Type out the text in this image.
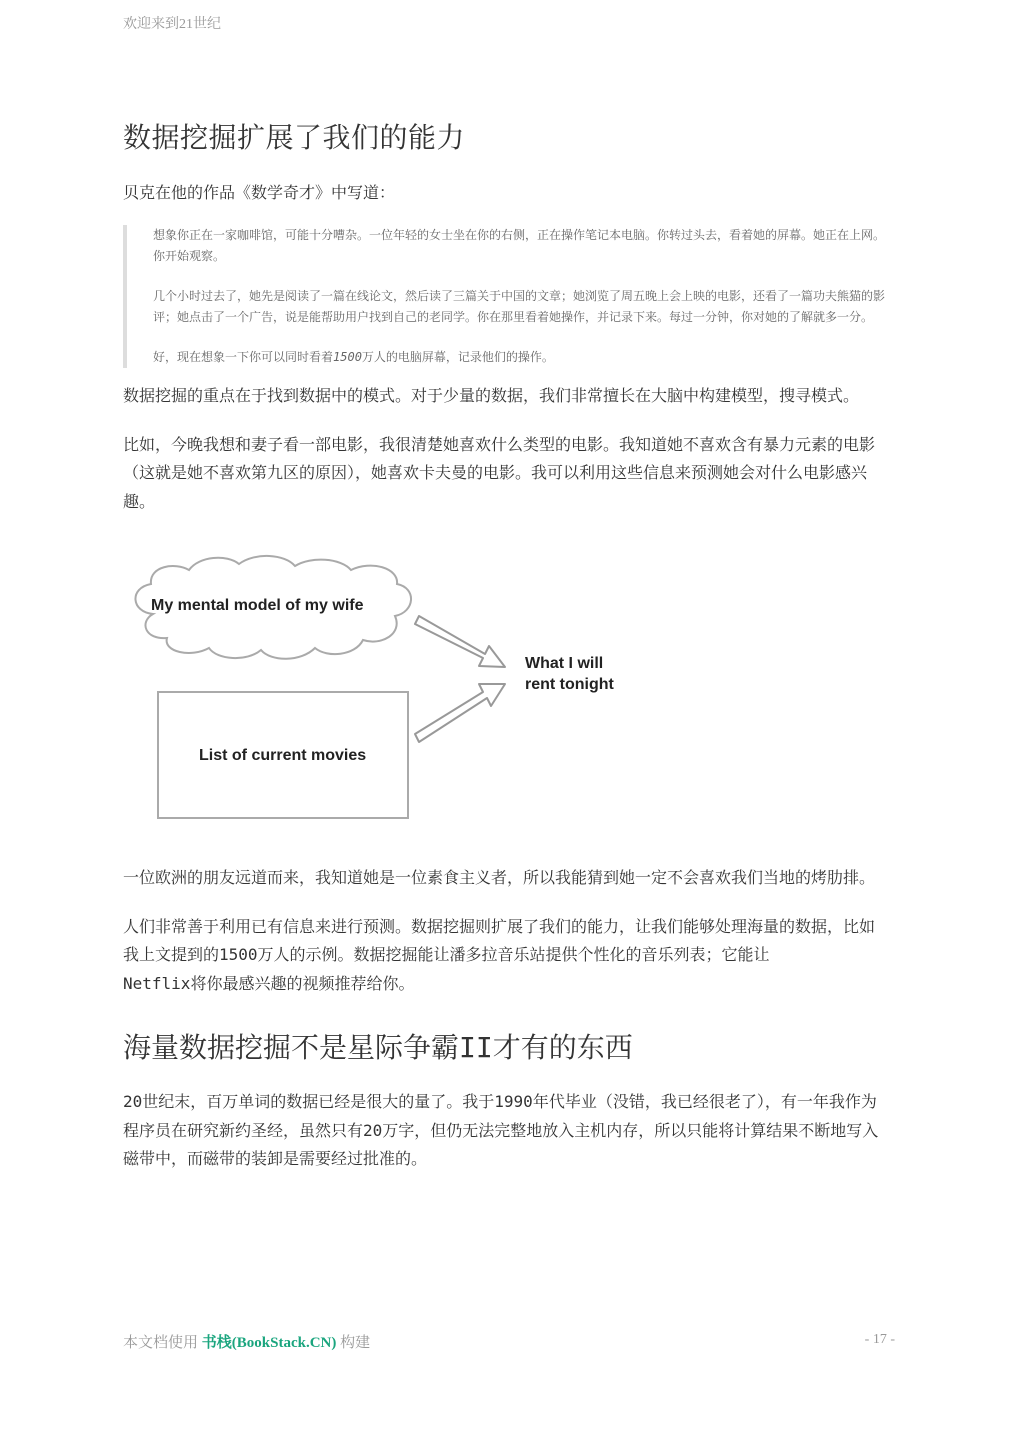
欢迎来到21世纪
数据挖掘扩展了我们的能力

贝克在他的作品《数学奇才》中写道：

想象你正在一家咖啡馆，可能十分嘈杂。一位年轻的女士坐在你的右侧，正在操作笔记本电脑。你转过头去，看着她的屏幕。她正在上网。你开始观察。

几个小时过去了，她先是阅读了一篇在线论文，然后读了三篇关于中国的文章；她浏览了周五晚上会上映的电影，还看了一篇功夫熊猫的影评；她点击了一个广告，说是能帮助用户找到自己的老同学。你在那里看着她操作，并记录下来。每过一分钟，你对她的了解就多一分。

好，现在想象一下你可以同时看着1500万人的电脑屏幕，记录他们的操作。

数据挖掘的重点在于找到数据中的模式。对于少量的数据，我们非常擅长在大脑中构建模型，搜寻模式。

比如，今晚我想和妻子看一部电影，我很清楚她喜欢什么类型的电影。我知道她不喜欢含有暴力元素的电影（这就是她不喜欢第九区的原因），她喜欢卡夫曼的电影。我可以利用这些信息来预测她会对什么电影感兴趣。

My mental model of my wife
List of current movies
What I will
rent tonight

一位欧洲的朋友远道而来，我知道她是一位素食主义者，所以我能猜到她一定不会喜欢我们当地的烤肋排。

人们非常善于利用已有信息来进行预测。数据挖掘则扩展了我们的能力，让我们能够处理海量的数据，比如我上文提到的1500万人的示例。数据挖掘能让潘多拉音乐站提供个性化的音乐列表；它能让
Netflix将你最感兴趣的视频推荐给你。

海量数据挖掘不是星际争霸II才有的东西

20世纪末，百万单词的数据已经是很大的量了。我于1990年代毕业（没错，我已经很老了），有一年我作为程序员在研究新约圣经，虽然只有20万字，但仍无法完整地放入主机内存，所以只能将计算结果不断地写入磁带中，而磁带的装卸是需要经过批准的。

本文档使用 书栈(BookStack.CN) 构建	- 17 -
